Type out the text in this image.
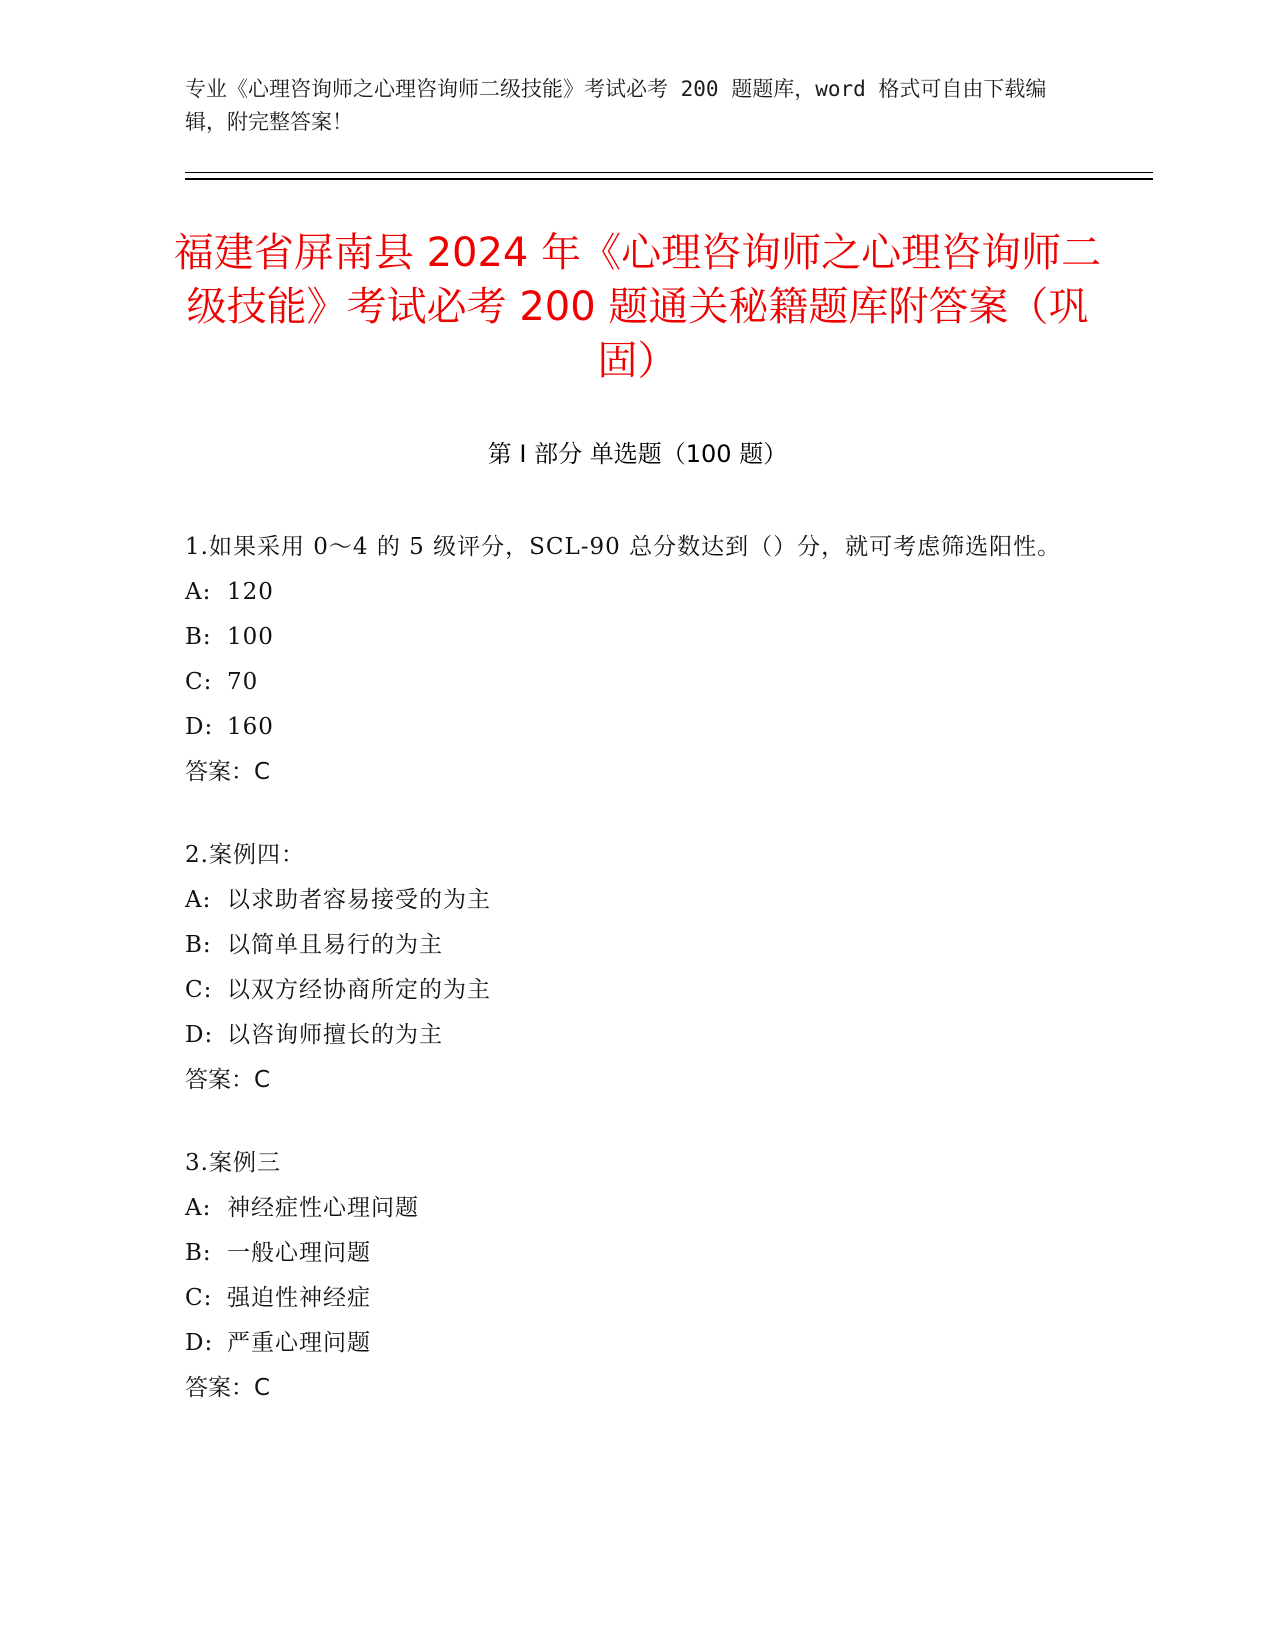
专业《心理咨询师之心理咨询师二级技能》考试必考 200 题题库，word 格式可自由下载编辑，附完整答案！
福建省屏南县 2024 年《心理咨询师之心理咨询师二级技能》考试必考 200 题通关秘籍题库附答案（巩固）
第 I 部分 单选题（100 题）
1.如果采用 0～4 的 5 级评分，SCL-90 总分数达到（）分，就可考虑筛选阳性。
A: 120
B: 100
C: 70
D: 160
答案：C
2.案例四：
A: 以求助者容易接受的为主
B: 以简单且易行的为主
C: 以双方经协商所定的为主
D: 以咨询师擅长的为主
答案：C
3.案例三
A: 神经症性心理问题
B: 一般心理问题
C: 强迫性神经症
D: 严重心理问题
答案：C
